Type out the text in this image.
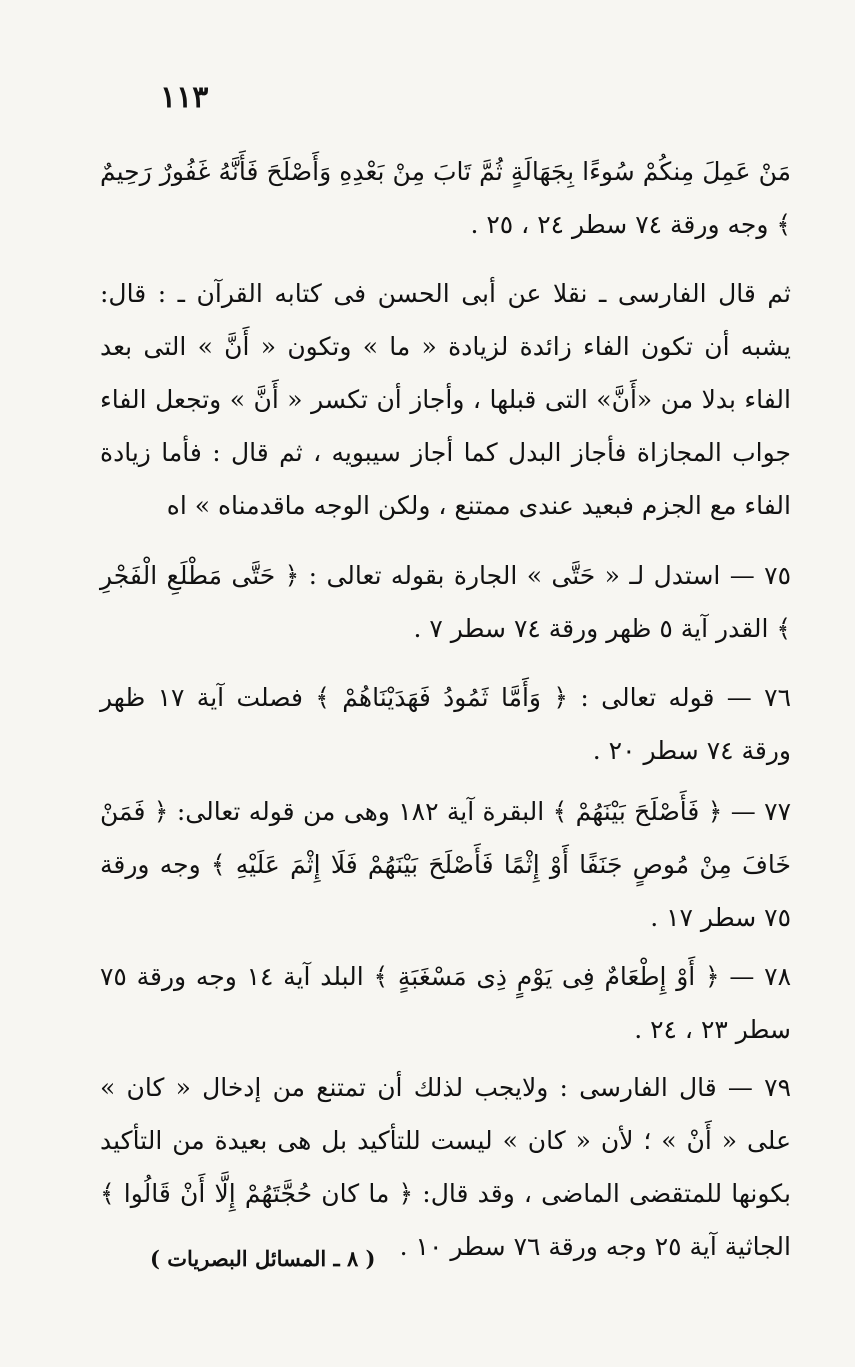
١١٣

مَنْ عَمِلَ مِنكُمْ سُوءًا بِجَهَالَةٍ ثُمَّ تَابَ مِنْ بَعْدِهِ وَأَصْلَحَ فَأَنَّهُ غَفُورٌ رَحِيمٌ ﴾ وجه ورقة ٧٤ سطر ٢٤ ، ٢٥ .

ثم قال الفارسى ـ نقلا عن أبى الحسن فى كتابه القرآن ـ : قال: يشبه أن تكون الفاء زائدة لزيادة « ما » وتكون « أَنَّ » التى بعد الفاء بدلا من «أَنَّ» التى قبلها ، وأجاز أن تكسر « أَنَّ » وتجعل الفاء جواب المجازاة فأجاز البدل كما أجاز سيبويه ، ثم قال : فأما زيادة الفاء مع الجزم فبعيد عندى ممتنع ، ولكن الوجه ماقدمناه » اه

٧٥ — استدل لـ « حَتَّى » الجارة بقوله تعالى : ﴿ حَتَّى مَطْلَعِ الْفَجْرِ ﴾ القدر آية ٥ ظهر ورقة ٧٤ سطر ٧ .

٧٦ — قوله تعالى : ﴿ وَأَمَّا ثَمُودُ فَهَدَيْنَاهُمْ ﴾ فصلت آية ١٧ ظهر ورقة ٧٤ سطر ٢٠ .

٧٧ — ﴿ فَأَصْلَحَ بَيْنَهُمْ ﴾ البقرة آية ١٨٢ وهى من قوله تعالى: ﴿ فَمَنْ خَافَ مِنْ مُوصٍ جَنَفًا أَوْ إِثْمًا فَأَصْلَحَ بَيْنَهُمْ فَلَا إِثْمَ عَلَيْهِ ﴾ وجه ورقة ٧٥ سطر ١٧ .

٧٨ — ﴿ أَوْ إِطْعَامٌ فِى يَوْمٍ ذِى مَسْغَبَةٍ ﴾ البلد آية ١٤ وجه ورقة ٧٥ سطر ٢٣ ، ٢٤ .

٧٩ — قال الفارسى : ولايجب لذلك أن تمتنع من إدخال « كان » على « أَنْ » ؛ لأن « كان » ليست للتأكيد بل هى بعيدة من التأكيد بكونها للمتقضى الماضى ، وقد قال: ﴿ ما كان حُجَّتَهُمْ إِلَّا أَنْ قَالُوا ﴾ الجاثية آية ٢٥ وجه ورقة ٧٦ سطر ١٠ .

( ٨ ـ المسائل البصريات )
